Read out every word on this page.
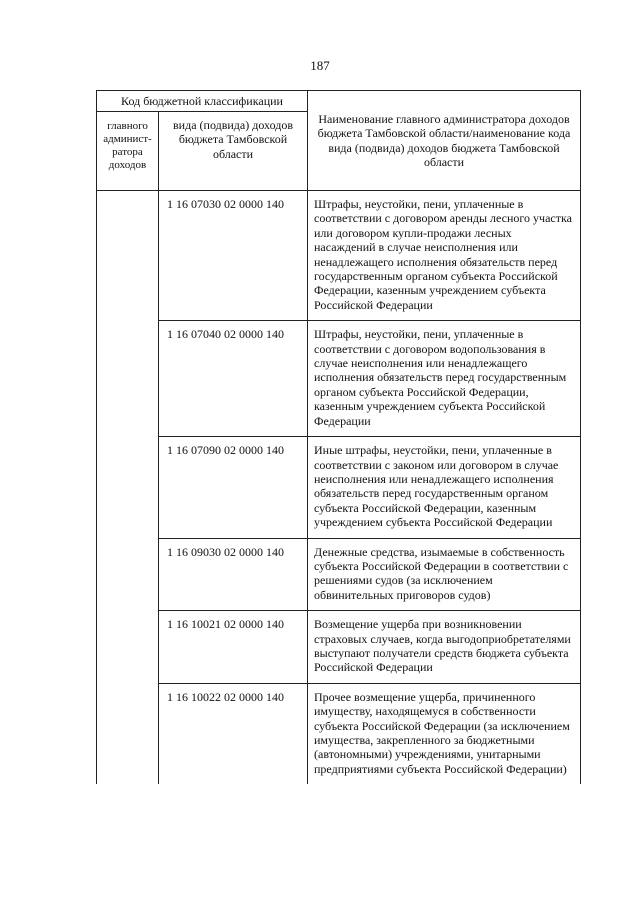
187
Код бюджетной классификации		Наименование главного администратора доходов бюджета Тамбовской области/наименование кода вида (подвида) доходов бюджета Тамбовской области
главного админист-ратора доходов	вида (подвида) доходов бюджета Тамбовской области	
	1 16 07030 02 0000 140	Штрафы, неустойки, пени, уплаченные в соответствии с договором аренды лесного участка или договором купли-продажи лесных насаждений в случае неисполнения или ненадлежащего исполнения обязательств перед государственным органом субъекта Российской Федерации, казенным учреждением субъекта Российской Федерации
	1 16 07040 02 0000 140	Штрафы, неустойки, пени, уплаченные в соответствии с договором водопользования в случае неисполнения или ненадлежащего исполнения обязательств перед государственным органом субъекта Российской Федерации, казенным учреждением субъекта Российской Федерации
	1 16 07090 02 0000 140	Иные штрафы, неустойки, пени, уплаченные в соответствии с законом или договором в случае неисполнения или ненадлежащего исполнения обязательств перед государственным органом субъекта Российской Федерации, казенным учреждением субъекта Российской Федерации
	1 16 09030 02 0000 140	Денежные средства, изымаемые в собственность субъекта Российской Федерации в соответствии с решениями судов (за исключением обвинительных приговоров судов)
	1 16 10021 02 0000 140	Возмещение ущерба при возникновении страховых случаев, когда выгодоприобретателями выступают получатели средств бюджета субъекта Российской Федерации
	1 16 10022 02 0000 140	Прочее возмещение ущерба, причиненного имуществу, находящемуся в собственности субъекта Российской Федерации (за исключением имущества, закрепленного за бюджетными (автономными) учреждениями, унитарными предприятиями субъекта Российской Федерации)
